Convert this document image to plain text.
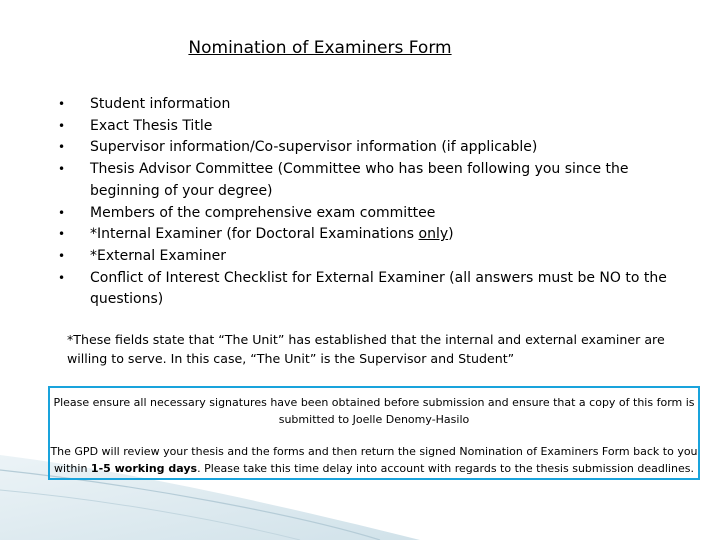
Nomination of Examiners Form
•	Student information
•	Exact Thesis Title
•	Supervisor information/Co-supervisor information (if applicable)
•	Thesis Advisor Committee (Committee who has been following you since the beginning of your degree)
•	Members of the comprehensive exam committee
•	*Internal Examiner (for Doctoral Examinations only)
•	*External Examiner
•	Conflict of Interest Checklist for External Examiner (all answers must be NO to the questions)

*These fields state that “The Unit” has established that the internal and external examiner are willing to serve. In this case, “The Unit” is the Supervisor and Student”

Please ensure all necessary signatures have been obtained before submission and ensure that a copy of this form is submitted to Joelle Denomy-Hasilo

The GPD will review your thesis and the forms and then return the signed Nomination of Examiners Form back to you within 1-5 working days. Please take this time delay into account with regards to the thesis submission deadlines.
